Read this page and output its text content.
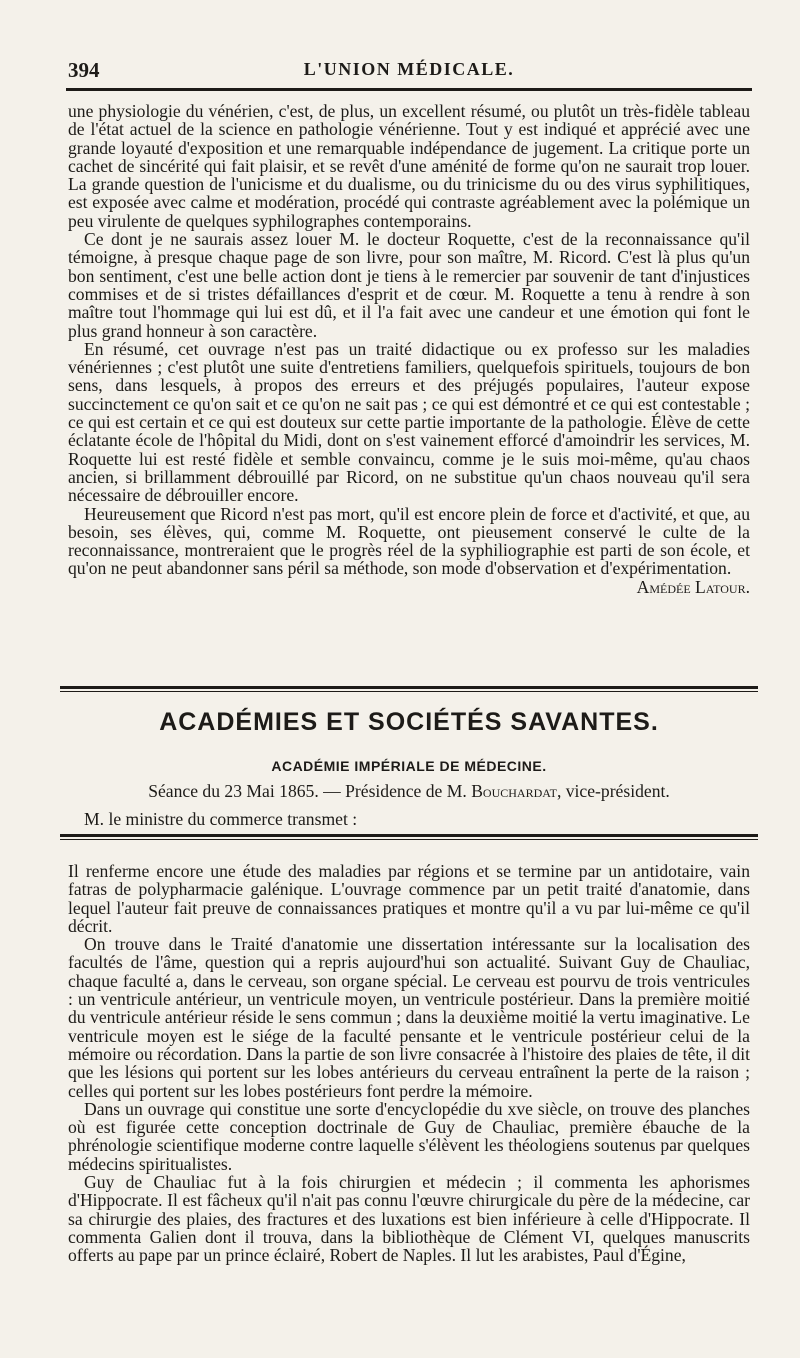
394	L'UNION MÉDICALE.

une physiologie du vénérien, c'est, de plus, un excellent résumé, ou plutôt un très-fidèle tableau de l'état actuel de la science en pathologie vénérienne. Tout y est indiqué et apprécié avec une grande loyauté d'exposition et une remarquable indépendance de jugement. La critique porte un cachet de sincérité qui fait plaisir, et se revêt d'une aménité de forme qu'on ne saurait trop louer. La grande question de l'unicisme et du dualisme, ou du trinicisme du ou des virus syphilitiques, est exposée avec calme et modération, procédé qui contraste agréablement avec la polémique un peu virulente de quelques syphilographes contemporains.

Ce dont je ne saurais assez louer M. le docteur Roquette, c'est de la reconnaissance qu'il témoigne, à presque chaque page de son livre, pour son maître, M. Ricord. C'est là plus qu'un bon sentiment, c'est une belle action dont je tiens à le remercier par souvenir de tant d'injustices commises et de si tristes défaillances d'esprit et de cœur. M. Roquette a tenu à rendre à son maître tout l'hommage qui lui est dû, et il l'a fait avec une candeur et une émotion qui font le plus grand honneur à son caractère.

En résumé, cet ouvrage n'est pas un traité didactique ou ex professo sur les maladies vénériennes ; c'est plutôt une suite d'entretiens familiers, quelquefois spirituels, toujours de bon sens, dans lesquels, à propos des erreurs et des préjugés populaires, l'auteur expose succinctement ce qu'on sait et ce qu'on ne sait pas ; ce qui est démontré et ce qui est contestable ; ce qui est certain et ce qui est douteux sur cette partie importante de la pathologie. Élève de cette éclatante école de l'hôpital du Midi, dont on s'est vainement efforcé d'amoindrir les services, M. Roquette lui est resté fidèle et semble convaincu, comme je le suis moi-même, qu'au chaos ancien, si brillamment débrouillé par Ricord, on ne substitue qu'un chaos nouveau qu'il sera nécessaire de débrouiller encore.

Heureusement que Ricord n'est pas mort, qu'il est encore plein de force et d'activité, et que, au besoin, ses élèves, qui, comme M. Roquette, ont pieusement conservé le culte de la reconnaissance, montreraient que le progrès réel de la syphiliographie est parti de son école, et qu'on ne peut abandonner sans péril sa méthode, son mode d'observation et d'expérimentation.

Amédée Latour.
ACADÉMIES ET SOCIÉTÉS SAVANTES.
ACADÉMIE IMPÉRIALE DE MÉDECINE.
Séance du 23 Mai 1865. — Présidence de M. Bouchardat, vice-président.
M. le ministre du commerce transmet :

Il renferme encore une étude des maladies par régions et se termine par un antidotaire, vain fatras de polypharmacie galénique. L'ouvrage commence par un petit traité d'anatomie, dans lequel l'auteur fait preuve de connaissances pratiques et montre qu'il a vu par lui-même ce qu'il décrit.

On trouve dans le Traité d'anatomie une dissertation intéressante sur la localisation des facultés de l'âme, question qui a repris aujourd'hui son actualité. Suivant Guy de Chauliac, chaque faculté a, dans le cerveau, son organe spécial. Le cerveau est pourvu de trois ventricules : un ventricule antérieur, un ventricule moyen, un ventricule postérieur. Dans la première moitié du ventricule antérieur réside le sens commun ; dans la deuxième moitié la vertu imaginative. Le ventricule moyen est le siége de la faculté pensante et le ventricule postérieur celui de la mémoire ou récordation. Dans la partie de son livre consacrée à l'histoire des plaies de tête, il dit que les lésions qui portent sur les lobes antérieurs du cerveau entraînent la perte de la raison ; celles qui portent sur les lobes postérieurs font perdre la mémoire.

Dans un ouvrage qui constitue une sorte d'encyclopédie du xve siècle, on trouve des planches où est figurée cette conception doctrinale de Guy de Chauliac, première ébauche de la phrénologie scientifique moderne contre laquelle s'élèvent les théologiens soutenus par quelques médecins spiritualistes.

Guy de Chauliac fut à la fois chirurgien et médecin ; il commenta les aphorismes d'Hippocrate. Il est fâcheux qu'il n'ait pas connu l'œuvre chirurgicale du père de la médecine, car sa chirurgie des plaies, des fractures et des luxations est bien inférieure à celle d'Hippocrate. Il commenta Galien dont il trouva, dans la bibliothèque de Clément VI, quelques manuscrits offerts au pape par un prince éclairé, Robert de Naples. Il lut les arabistes, Paul d'Égine,
